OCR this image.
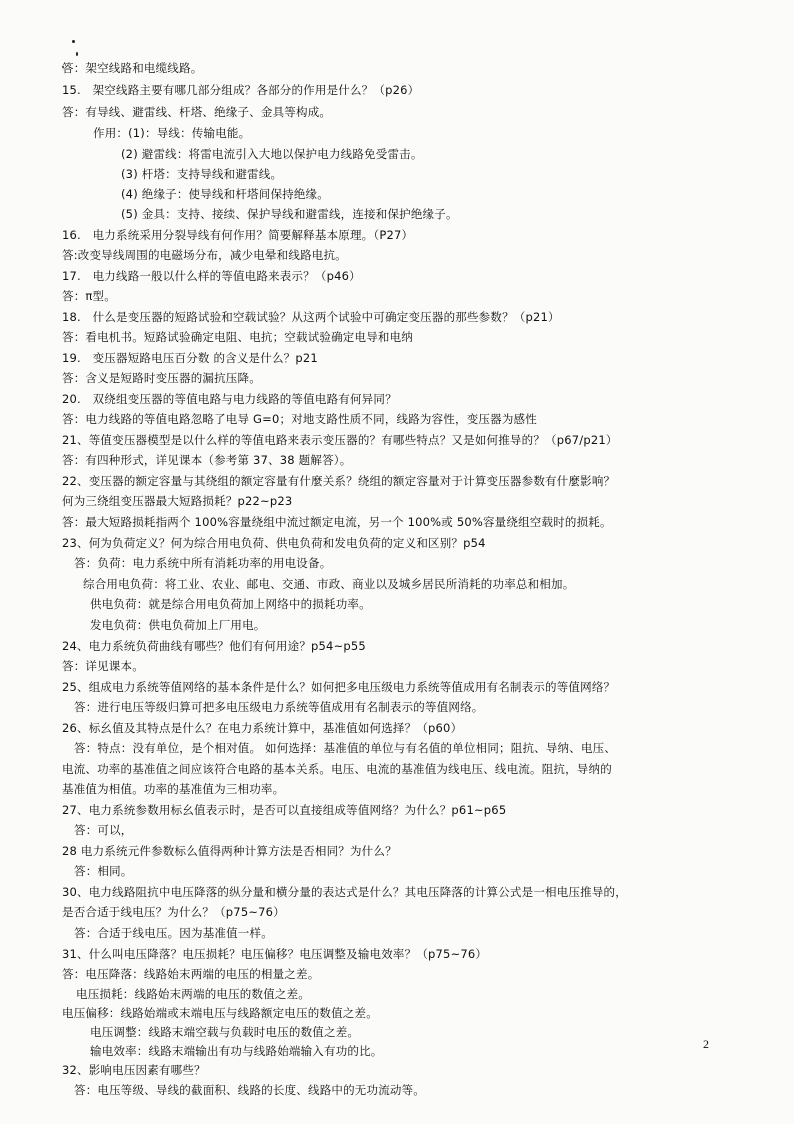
答：架空线路和电缆线路。
15.　架空线路主要有哪几部分组成？各部分的作用是什么？（p26）
答：有导线、避雷线、杆塔、绝缘子、金具等构成。
作用：(1)：导线：传输电能。
(2) 避雷线：将雷电流引入大地以保护电力线路免受雷击。
(3) 杆塔：支持导线和避雷线。
(4) 绝缘子：使导线和杆塔间保持绝缘。
(5) 金具：支持、接续、保护导线和避雷线，连接和保护绝缘子。
16.　电力系统采用分裂导线有何作用？简要解释基本原理。（P27）
答:改变导线周围的电磁场分布，减少电晕和线路电抗。
17.　电力线路一般以什么样的等值电路来表示？（p46）
答：π型。
18.　什么是变压器的短路试验和空载试验？从这两个试验中可确定变压器的那些参数？（p21）
答：看电机书。短路试验确定电阻、电抗；空载试验确定电导和电纳
19.　变压器短路电压百分数 的含义是什么？p21
答：含义是短路时变压器的漏抗压降。
20.　双绕组变压器的等值电路与电力线路的等值电路有何异同？
答：电力线路的等值电路忽略了电导 G=0；对地支路性质不同，线路为容性，变压器为感性
21、等值变压器模型是以什么样的等值电路来表示变压器的？有哪些特点？又是如何推导的？（p67/p21）
答：有四种形式，详见课本（参考第 37、38 题解答）。
22、变压器的额定容量与其绕组的额定容量有什麼关系？绕组的额定容量对于计算变压器参数有什麼影响？
何为三绕组变压器最大短路损耗？p22~p23
答：最大短路损耗指两个 100%容量绕组中流过额定电流，另一个 100%或 50%容量绕组空载时的损耗。
23、何为负荷定义？何为综合用电负荷、供电负荷和发电负荷的定义和区别？p54
答：负荷：电力系统中所有消耗功率的用电设备。
综合用电负荷：将工业、农业、邮电、交通、市政、商业以及城乡居民所消耗的功率总和相加。
供电负荷：就是综合用电负荷加上网络中的损耗功率。
发电负荷：供电负荷加上厂用电。
24、电力系统负荷曲线有哪些？他们有何用途？p54~p55
答：详见课本。
25、组成电力系统等值网络的基本条件是什么？如何把多电压级电力系统等值成用有名制表示的等值网络？
答：进行电压等级归算可把多电压级电力系统等值成用有名制表示的等值网络。
26、标幺值及其特点是什么？在电力系统计算中，基准值如何选择？（p60）
答：特点：没有单位，是个相对值。 如何选择：基准值的单位与有名值的单位相同；阻抗、导纳、电压、
电流、功率的基准值之间应该符合电路的基本关系。电压、电流的基准值为线电压、线电流。阻抗，导纳的
基准值为相值。功率的基准值为三相功率。
27、电力系统参数用标幺值表示时，是否可以直接组成等值网络？为什么？p61~p65
答：可以，
28 电力系统元件参数标么值得两种计算方法是否相同？为什么？
答：相同。
30、电力线路阻抗中电压降落的纵分量和横分量的表达式是什么？其电压降落的计算公式是一相电压推导的，
是否合适于线电压？为什么？（p75~76）
答：合适于线电压。因为基准值一样。
31、什么叫电压降落？电压损耗？电压偏移？电压调整及输电效率？（p75~76）
答：电压降落：线路始末两端的电压的相量之差。
电压损耗：线路始末两端的电压的数值之差。
电压偏移：线路始端或末端电压与线路额定电压的数值之差。
电压调整：线路末端空载与负载时电压的数值之差。
输电效率：线路末端输出有功与线路始端输入有功的比。
32、影响电压因素有哪些？
答：电压等级、导线的截面积、线路的长度、线路中的无功流动等。
2
